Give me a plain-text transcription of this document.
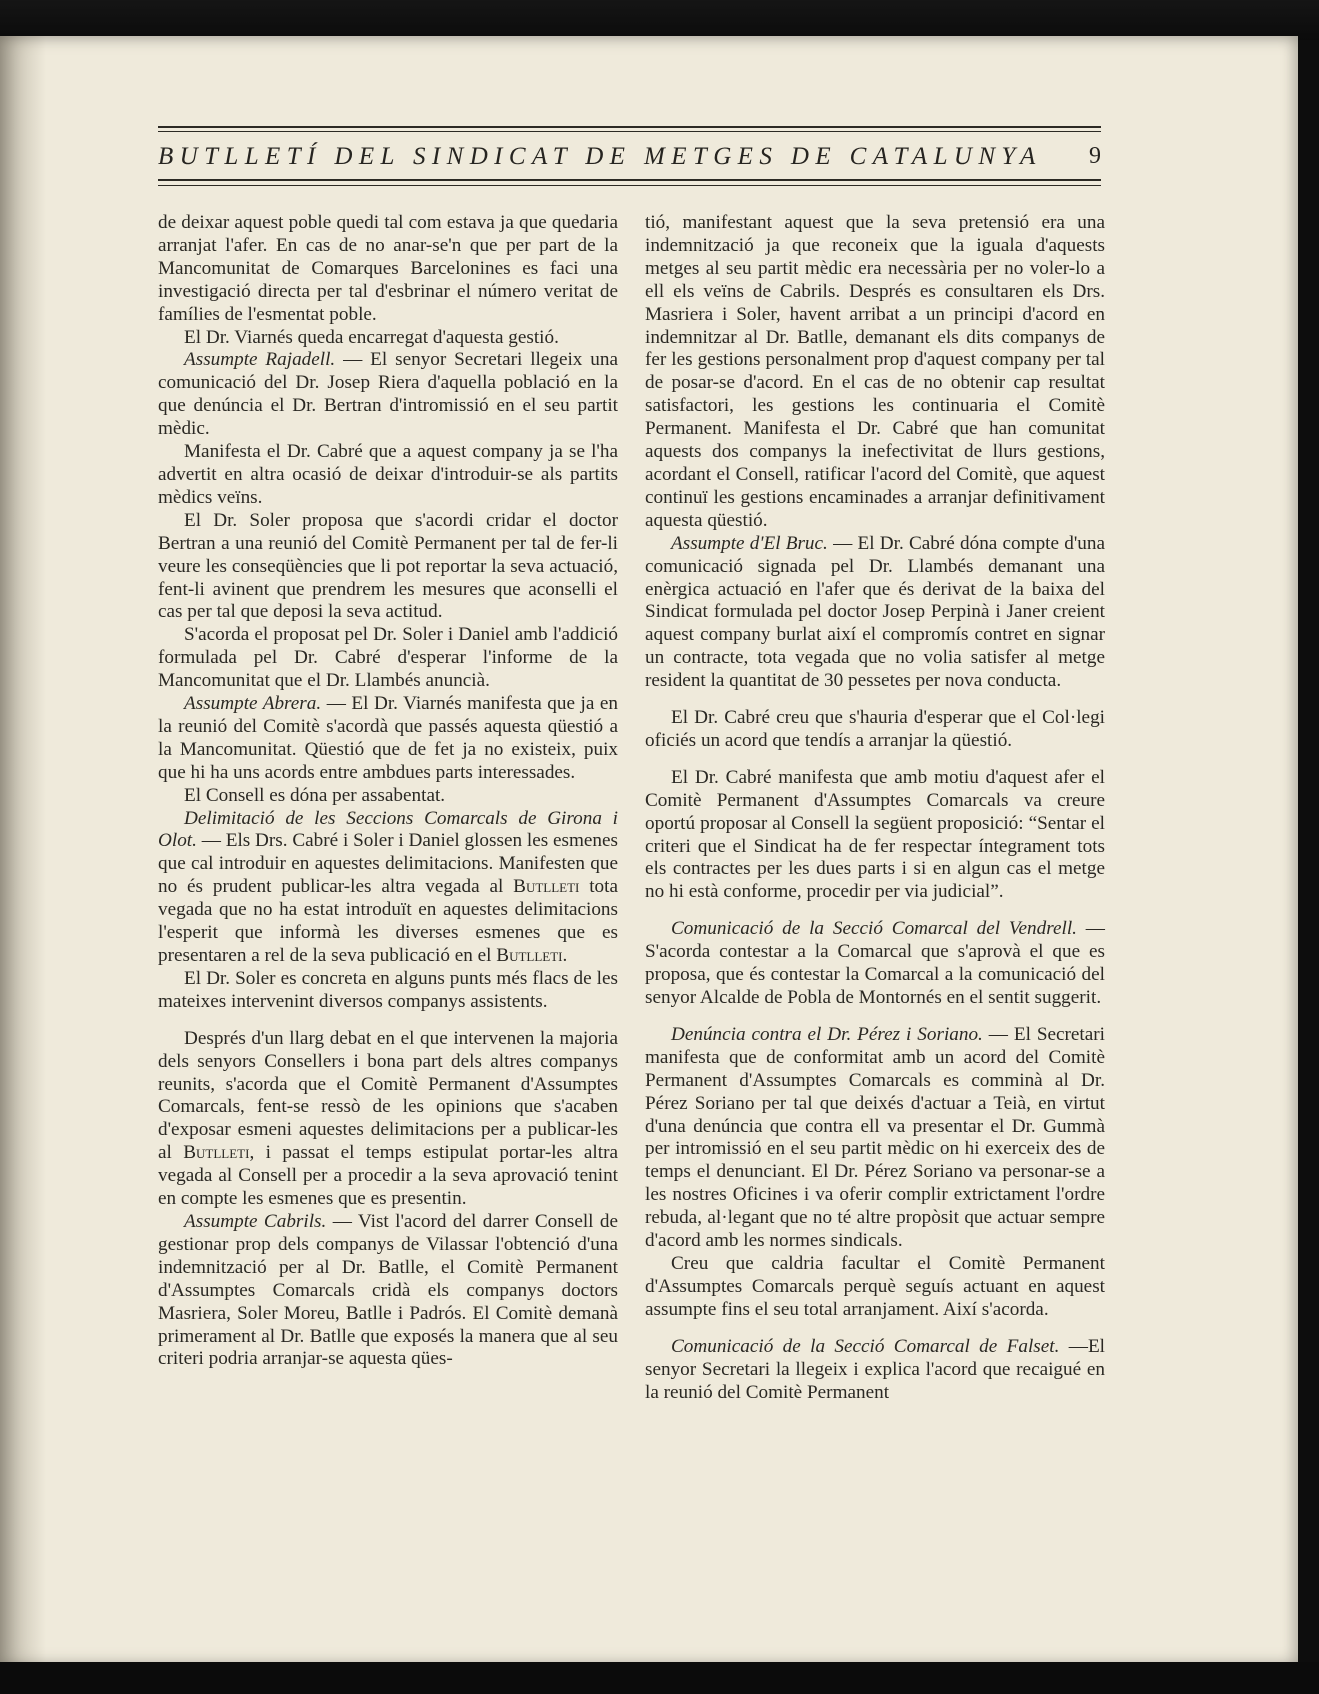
BUTLLETÍ DEL SINDICAT DE METGES DE CATALUNYA 9

de deixar aquest poble quedi tal com estava ja que quedaria arranjat l'afer. En cas de no anar-se'n que per part de la Mancomunitat de Comarques Barcelonines es faci una investigació directa per tal d'esbrinar el número veritat de famílies de l'esmentat poble.

El Dr. Viarnés queda encarregat d'aquesta gestió.

Assumpte Rajadell. — El senyor Secretari llegeix una comunicació del Dr. Josep Riera d'aquella població en la que denúncia el Dr. Bertran d'intromissió en el seu partit mèdic.

Manifesta el Dr. Cabré que a aquest company ja se l'ha advertit en altra ocasió de deixar d'introduir-se als partits mèdics veïns.

El Dr. Soler proposa que s'acordi cridar el doctor Bertran a una reunió del Comitè Permanent per tal de fer-li veure les conseqüències que li pot reportar la seva actuació, fent-li avinent que prendrem les mesures que aconselli el cas per tal que deposi la seva actitud.

S'acorda el proposat pel Dr. Soler i Daniel amb l'addició formulada pel Dr. Cabré d'esperar l'informe de la Mancomunitat que el Dr. Llambés anuncià.

Assumpte Abrera. — El Dr. Viarnés manifesta que ja en la reunió del Comitè s'acordà que passés aquesta qüestió a la Mancomunitat. Qüestió que de fet ja no existeix, puix que hi ha uns acords entre ambdues parts interessades.

El Consell es dóna per assabentat.

Delimitació de les Seccions Comarcals de Girona i Olot. — Els Drs. Cabré i Soler i Daniel glossen les esmenes que cal introduir en aquestes delimitacions. Manifesten que no és prudent publicar-les altra vegada al Butlleti tota vegada que no ha estat introduït en aquestes delimitacions l'esperit que informà les diverses esmenes que es presentaren a rel de la seva publicació en el Butlleti.

El Dr. Soler es concreta en alguns punts més flacs de les mateixes intervenint diversos companys assistents.

Després d'un llarg debat en el que intervenen la majoria dels senyors Consellers i bona part dels altres companys reunits, s'acorda que el Comitè Permanent d'Assumptes Comarcals, fent-se ressò de les opinions que s'acaben d'exposar esmeni aquestes delimitacions per a publicar-les al Butlleti, i passat el temps estipulat portar-les altra vegada al Consell per a procedir a la seva aprovació tenint en compte les esmenes que es presentin.

Assumpte Cabrils. — Vist l'acord del darrer Consell de gestionar prop dels companys de Vilassar l'obtenció d'una indemnització per al Dr. Batlle, el Comitè Permanent d'Assumptes Comarcals cridà els companys doctors Masriera, Soler Moreu, Batlle i Padrós. El Comitè demanà primerament al Dr. Batlle que exposés la manera que al seu criteri podria arranjar-se aquesta qües-

tió, manifestant aquest que la seva pretensió era una indemnització ja que reconeix que la iguala d'aquests metges al seu partit mèdic era necessària per no voler-lo a ell els veïns de Cabrils. Després es consultaren els Drs. Masriera i Soler, havent arribat a un principi d'acord en indemnitzar al Dr. Batlle, demanant els dits companys de fer les gestions personalment prop d'aquest company per tal de posar-se d'acord. En el cas de no obtenir cap resultat satisfactori, les gestions les continuaria el Comitè Permanent. Manifesta el Dr. Cabré que han comunitat aquests dos companys la inefectivitat de llurs gestions, acordant el Consell, ratificar l'acord del Comitè, que aquest continuï les gestions encaminades a arranjar definitivament aquesta qüestió.

Assumpte d'El Bruc. — El Dr. Cabré dóna compte d'una comunicació signada pel Dr. Llambés demanant una enèrgica actuació en l'afer que és derivat de la baixa del Sindicat formulada pel doctor Josep Perpinà i Janer creient aquest company burlat així el compromís contret en signar un contracte, tota vegada que no volia satisfer al metge resident la quantitat de 30 pessetes per nova conducta.

El Dr. Cabré creu que s'hauria d'esperar que el Col·legi oficiés un acord que tendís a arranjar la qüestió.

El Dr. Cabré manifesta que amb motiu d'aquest afer el Comitè Permanent d'Assumptes Comarcals va creure oportú proposar al Consell la següent proposició: “Sentar el criteri que el Sindicat ha de fer respectar íntegrament tots els contractes per les dues parts i si en algun cas el metge no hi està conforme, procedir per via judicial”.

Comunicació de la Secció Comarcal del Vendrell. — S'acorda contestar a la Comarcal que s'aprovà el que es proposa, que és contestar la Comarcal a la comunicació del senyor Alcalde de Pobla de Montornés en el sentit suggerit.

Denúncia contra el Dr. Pérez i Soriano. — El Secretari manifesta que de conformitat amb un acord del Comitè Permanent d'Assumptes Comarcals es comminà al Dr. Pérez Soriano per tal que deixés d'actuar a Teià, en virtut d'una denúncia que contra ell va presentar el Dr. Gummà per intromissió en el seu partit mèdic on hi exerceix des de temps el denunciant. El Dr. Pérez Soriano va personar-se a les nostres Oficines i va oferir complir extrictament l'ordre rebuda, al·legant que no té altre propòsit que actuar sempre d'acord amb les normes sindicals.

Creu que caldria facultar el Comitè Permanent d'Assumptes Comarcals perquè seguís actuant en aquest assumpte fins el seu total arranjament. Així s'acorda.

Comunicació de la Secció Comarcal de Falset. —El senyor Secretari la llegeix i explica l'acord que recaigué en la reunió del Comitè Permanent
